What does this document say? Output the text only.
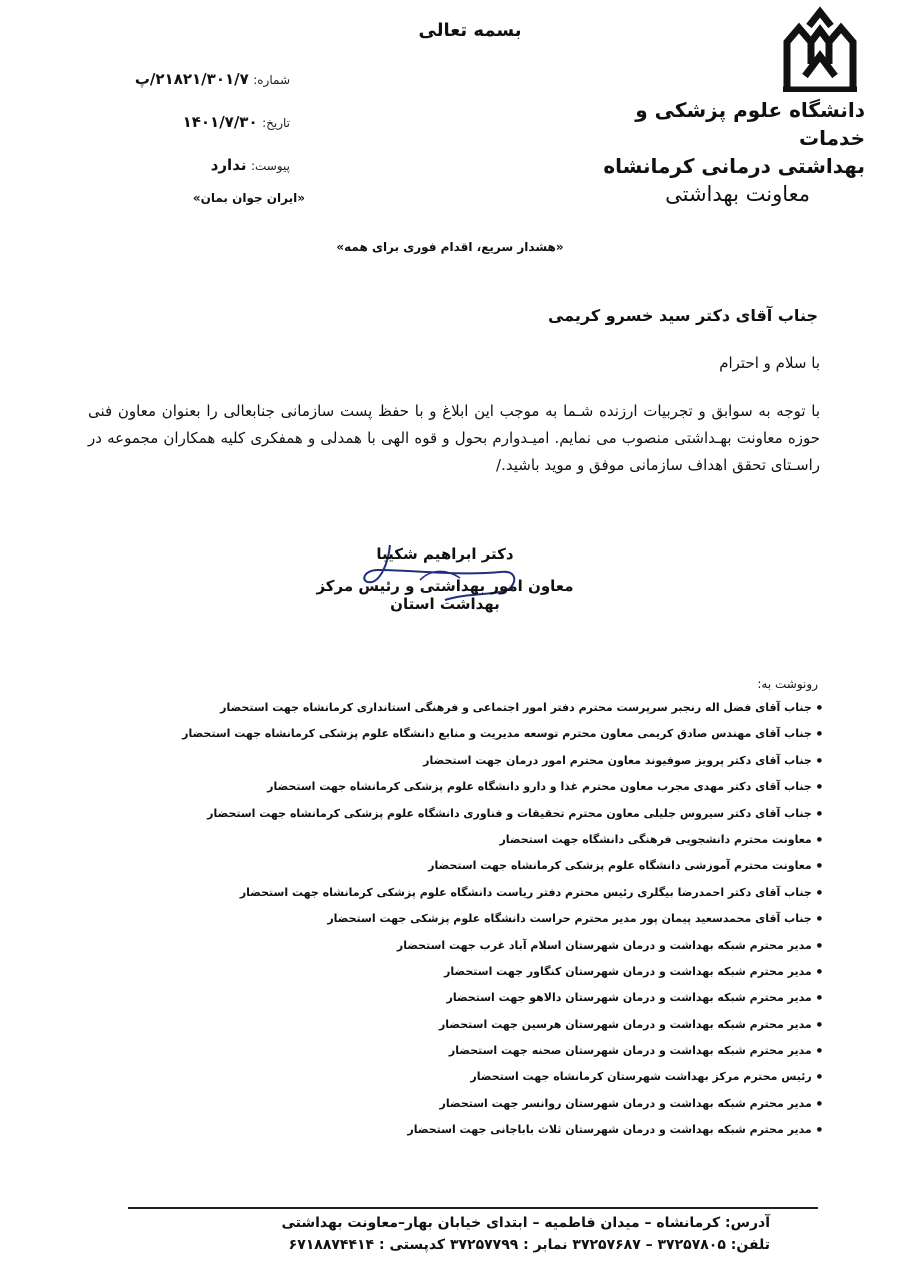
بسمه تعالی
دانشگاه علوم پزشکی و خدمات
بهداشتی درمانی کرمانشاه
معاونت بهداشتی
شماره: ۲۱۸۲۱/۳۰۱/۷/پ
تاریخ: ۱۴۰۱/۷/۳۰
پیوست: ندارد
«ایران جوان بمان»
«هشدار سریع، اقدام فوری برای همه»
جناب آقای دکتر سید خسرو کریمی
با سلام و احترام
با توجه به سوابق و تجربیات ارزنده شـما به موجب این ابلاغ و با حفظ پست سازمانی جنابعالی را بعنوان معاون فنی حوزه معاونت بهـداشتی منصوب می نمایم. امیـدوارم بحول و قوه الهی با همدلی و همفکری کلیه همکاران مجموعه در راسـتای تحقق اهداف سازمانی موفق و موید باشید./
دکتر ابراهیم شکیبا
معاون امور بهداشتی و رئیس مرکز بهداشت استان
رونوشت به:
● جناب آقای فضل اله رنجبر سرپرست محترم دفتر امور اجتماعی و فرهنگی استانداری کرمانشاه جهت استحضار
● جناب آقای مهندس صادق کریمی معاون محترم توسعه مدیریت و منابع دانشگاه علوم پزشکی کرمانشاه جهت استحضار
● جناب آقای دکتر پرویز صوفیوند معاون محترم امور درمان جهت استحضار
● جناب آقای دکتر مهدی مجرب معاون محترم غذا و دارو دانشگاه علوم پزشکی کرمانشاه جهت استحضار
● جناب آقای دکتر سیروس جلیلی معاون محترم تحقیقات و فناوری دانشگاه علوم پزشکی کرمانشاه جهت استحضار
● معاونت محترم دانشجویی فرهنگی دانشگاه جهت استحضار
● معاونت محترم آموزشی دانشگاه علوم پزشکی کرمانشاه جهت استحضار
● جناب آقای دکتر احمدرضا بیگلری رئیس محترم دفتر ریاست دانشگاه علوم پزشکی کرمانشاه جهت استحضار
● جناب آقای محمدسعید پیمان پور مدیر محترم حراست دانشگاه علوم پزشکی جهت استحضار
● مدیر محترم شبکه بهداشت و درمان شهرستان اسلام آباد غرب جهت استحضار
● مدیر محترم شبکه بهداشت و درمان شهرستان کنگاور جهت استحضار
● مدیر محترم شبکه بهداشت و درمان شهرستان دالاهو جهت استحضار
● مدیر محترم شبکه بهداشت و درمان شهرستان هرسین جهت استحضار
● مدیر محترم شبکه بهداشت و درمان شهرستان صحنه جهت استحضار
● رئیس محترم مرکز بهداشت شهرستان کرمانشاه جهت استحضار
● مدیر محترم شبکه بهداشت و درمان شهرستان روانسر جهت استحضار
● مدیر محترم شبکه بهداشت و درمان شهرستان ثلاث باباجانی جهت استحضار
آدرس: کرمانشاه – میدان فاطمیه – ابتدای خیابان بهار–معاونت بهداشتی
تلفن: ۳۷۲۵۷۸۰۵ – ۳۷۲۵۷۶۸۷ نمابر : ۳۷۲۵۷۷۹۹ کدپستی : ۶۷۱۸۸۷۴۴۱۴
